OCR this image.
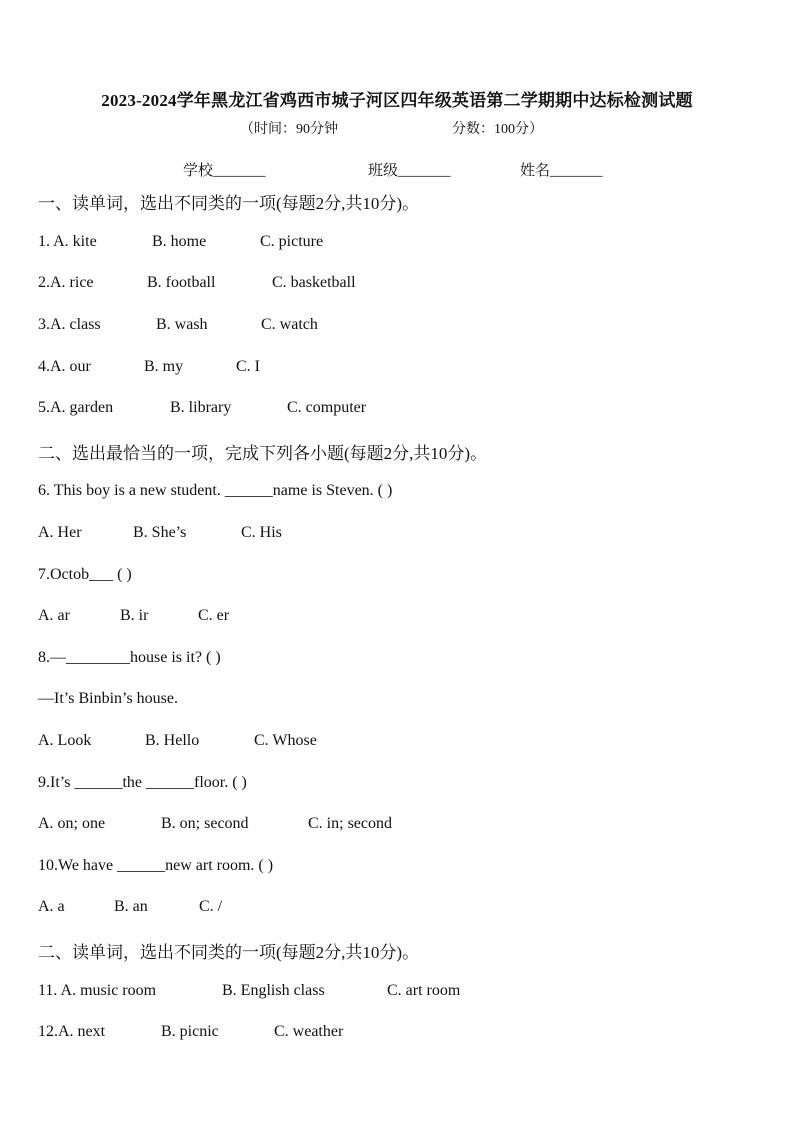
2023-2024学年黑龙江省鸡西市城子河区四年级英语第二学期期中达标检测试题
（时间：90分钟	分数：100分）
学校_______	班级_______	姓名_______
一、读单词，选出不同类的一项(每题2分,共10分)。
1. A. kite	B. home	C. picture
2.A. rice	B. football	C. basketball
3.A. class	B. wash	C. watch
4.A. our	B. my	C. I
5.A. garden	B. library	C. computer
二、选出最恰当的一项，完成下列各小题(每题2分,共10分)。
6. This boy is a new student. ______name is Steven. ( )
A. Her	B. She’s	C. His
7.Octob___ ( )
A. ar	B. ir	C. er
8.—________house is it? ( )
—It’s Binbin’s house.
A. Look	B. Hello	C. Whose
9.It’s ______the ______floor. ( )
A. on; one	B. on; second	C. in; second
10.We have ______new art room. ( )
A. a	B. an	C. /
二、读单词，选出不同类的一项(每题2分,共10分)。
11. A. music room	B. English class	C. art room
12.A. next	B. picnic	C. weather
